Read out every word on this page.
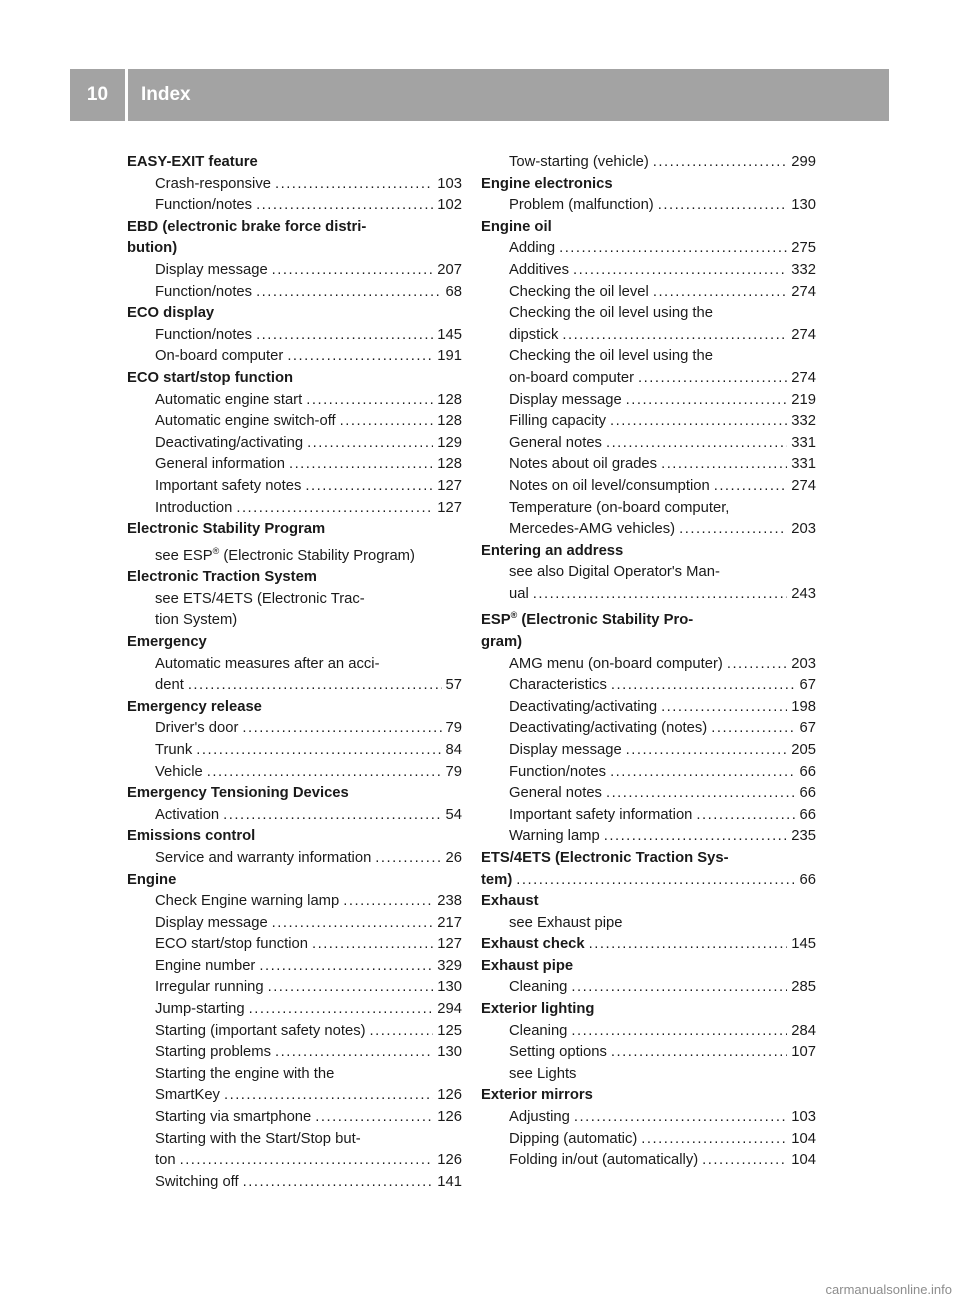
10	Index
EASY-EXIT feature
Crash-responsive .....	103
Function/notes .....	102
EBD (electronic brake force distri-
bution)
Display message .....	207
Function/notes .....	68
ECO display
Function/notes .....	145
On-board computer .....	191
ECO start/stop function
Automatic engine start .....	128
Automatic engine switch-off .....	128
Deactivating/activating .....	129
General information .....	128
Important safety notes .....	127
Introduction .....	127
Electronic Stability Program
see ESP® (Electronic Stability Program)
Electronic Traction System
see ETS/4ETS (Electronic Trac-
tion System)
Emergency
Automatic measures after an acci-
dent .....	57
Emergency release
Driver's door .....	79
Trunk .....	84
Vehicle .....	79
Emergency Tensioning Devices
Activation .....	54
Emissions control
Service and warranty information .....	26
Engine
Check Engine warning lamp .....	238
Display message .....	217
ECO start/stop function .....	127
Engine number .....	329
Irregular running .....	130
Jump-starting .....	294
Starting (important safety notes) .....	125
Starting problems .....	130
Starting the engine with the
SmartKey .....	126
Starting via smartphone .....	126
Starting with the Start/Stop but-
ton .....	126
Switching off .....	141
Tow-starting (vehicle) .....	299
Engine electronics
Problem (malfunction) .....	130
Engine oil
Adding .....	275
Additives .....	332
Checking the oil level .....	274
Checking the oil level using the
dipstick .....	274
Checking the oil level using the
on-board computer .....	274
Display message .....	219
Filling capacity .....	332
General notes .....	331
Notes about oil grades .....	331
Notes on oil level/consumption .....	274
Temperature (on-board computer,
Mercedes-AMG vehicles) .....	203
Entering an address
see also Digital Operator's Man-
ual .....	243
ESP® (Electronic Stability Pro-
gram)
AMG menu (on-board computer) .....	203
Characteristics .....	67
Deactivating/activating .....	198
Deactivating/activating (notes) .....	67
Display message .....	205
Function/notes .....	66
General notes .....	66
Important safety information .....	66
Warning lamp .....	235
ETS/4ETS (Electronic Traction Sys-
tem) .....	66
Exhaust
see Exhaust pipe
Exhaust check .....	145
Exhaust pipe
Cleaning .....	285
Exterior lighting
Cleaning .....	284
Setting options .....	107
see Lights
Exterior mirrors
Adjusting .....	103
Dipping (automatic) .....	104
Folding in/out (automatically) .....	104
carmanualsonline.info
